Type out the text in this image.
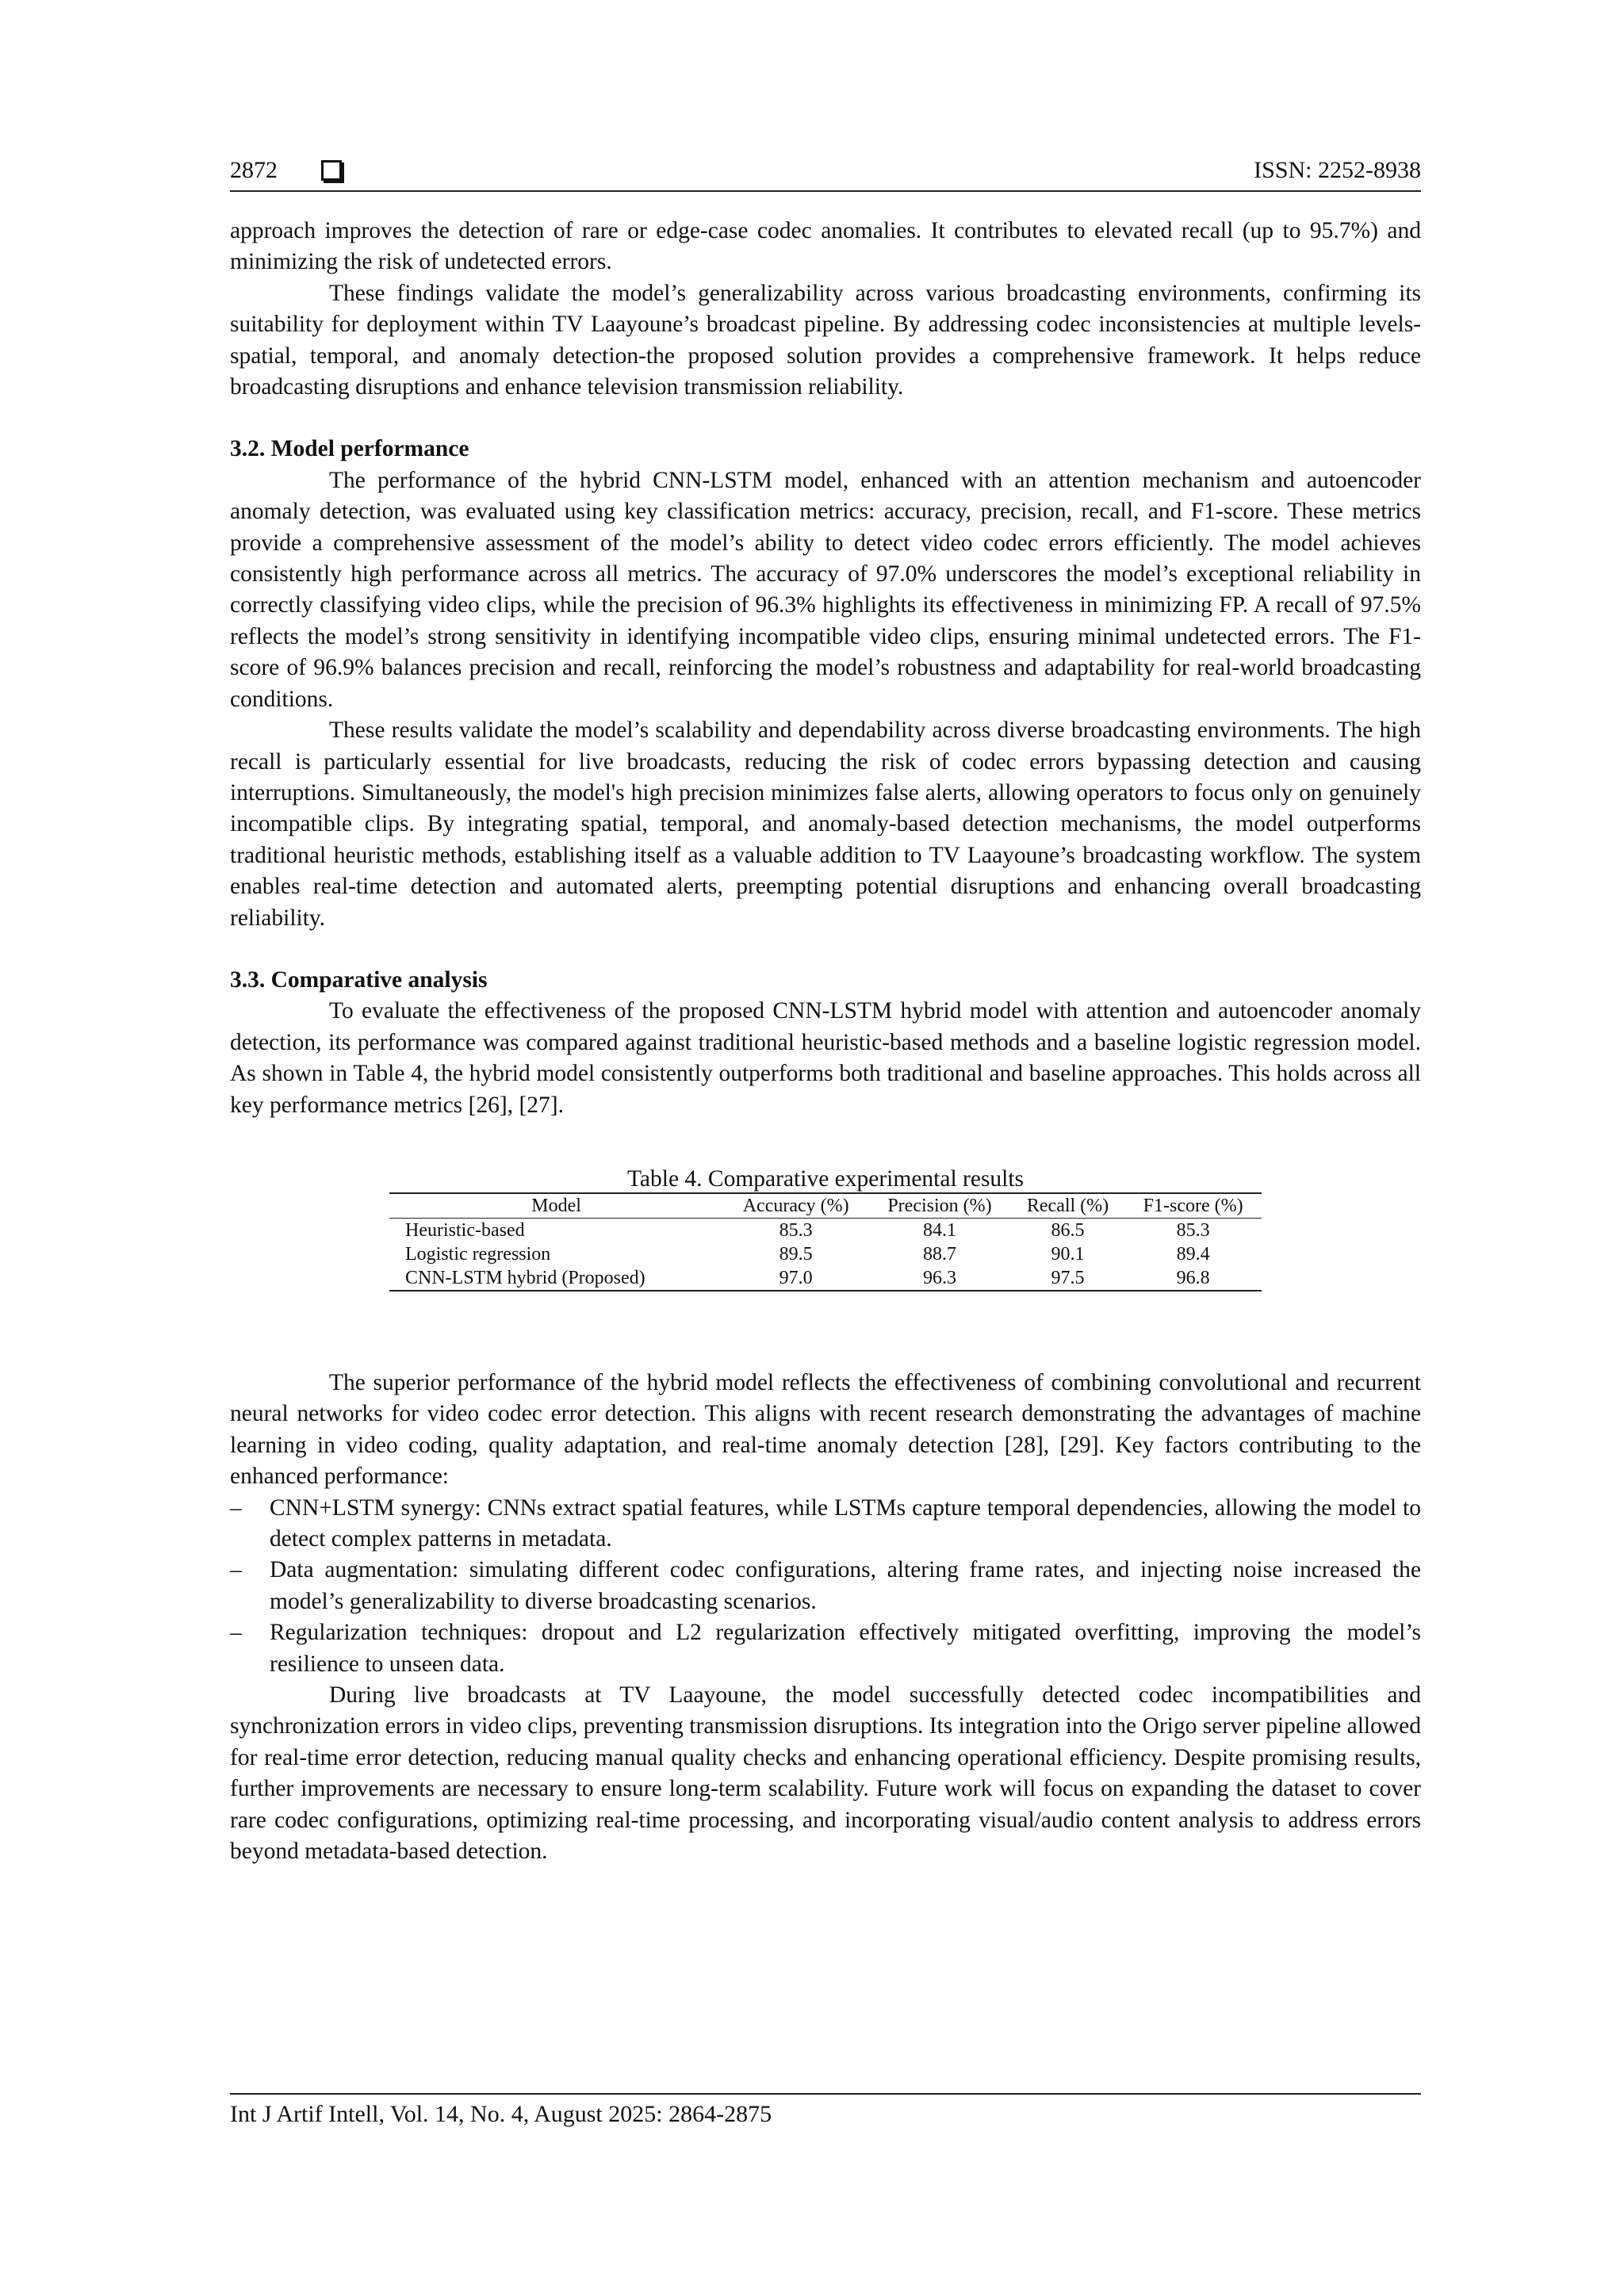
2872	ISSN: 2252-8938

approach improves the detection of rare or edge-case codec anomalies. It contributes to elevated recall (up to 95.7%) and minimizing the risk of undetected errors.

These findings validate the model’s generalizability across various broadcasting environments, confirming its suitability for deployment within TV Laayoune’s broadcast pipeline. By addressing codec inconsistencies at multiple levels-spatial, temporal, and anomaly detection-the proposed solution provides a comprehensive framework. It helps reduce broadcasting disruptions and enhance television transmission reliability.

3.2. Model performance

The performance of the hybrid CNN-LSTM model, enhanced with an attention mechanism and autoencoder anomaly detection, was evaluated using key classification metrics: accuracy, precision, recall, and F1-score. These metrics provide a comprehensive assessment of the model’s ability to detect video codec errors efficiently. The model achieves consistently high performance across all metrics. The accuracy of 97.0% underscores the model’s exceptional reliability in correctly classifying video clips, while the precision of 96.3% highlights its effectiveness in minimizing FP. A recall of 97.5% reflects the model’s strong sensitivity in identifying incompatible video clips, ensuring minimal undetected errors. The F1-score of 96.9% balances precision and recall, reinforcing the model’s robustness and adaptability for real-world broadcasting conditions.

These results validate the model’s scalability and dependability across diverse broadcasting environments. The high recall is particularly essential for live broadcasts, reducing the risk of codec errors bypassing detection and causing interruptions. Simultaneously, the model's high precision minimizes false alerts, allowing operators to focus only on genuinely incompatible clips. By integrating spatial, temporal, and anomaly-based detection mechanisms, the model outperforms traditional heuristic methods, establishing itself as a valuable addition to TV Laayoune’s broadcasting workflow. The system enables real-time detection and automated alerts, preempting potential disruptions and enhancing overall broadcasting reliability.

3.3. Comparative analysis

To evaluate the effectiveness of the proposed CNN-LSTM hybrid model with attention and autoencoder anomaly detection, its performance was compared against traditional heuristic-based methods and a baseline logistic regression model. As shown in Table 4, the hybrid model consistently outperforms both traditional and baseline approaches. This holds across all key performance metrics [26], [27].

Table 4. Comparative experimental results
Model	Accuracy (%)	Precision (%)	Recall (%)	F1-score (%)
Heuristic-based	85.3	84.1	86.5	85.3
Logistic regression	89.5	88.7	90.1	89.4
CNN-LSTM hybrid (Proposed)	97.0	96.3	97.5	96.8

The superior performance of the hybrid model reflects the effectiveness of combining convolutional and recurrent neural networks for video codec error detection. This aligns with recent research demonstrating the advantages of machine learning in video coding, quality adaptation, and real-time anomaly detection [28], [29]. Key factors contributing to the enhanced performance:

– CNN+LSTM synergy: CNNs extract spatial features, while LSTMs capture temporal dependencies, allowing the model to detect complex patterns in metadata.
– Data augmentation: simulating different codec configurations, altering frame rates, and injecting noise increased the model’s generalizability to diverse broadcasting scenarios.
– Regularization techniques: dropout and L2 regularization effectively mitigated overfitting, improving the model’s resilience to unseen data.

During live broadcasts at TV Laayoune, the model successfully detected codec incompatibilities and synchronization errors in video clips, preventing transmission disruptions. Its integration into the Origo server pipeline allowed for real-time error detection, reducing manual quality checks and enhancing operational efficiency. Despite promising results, further improvements are necessary to ensure long-term scalability. Future work will focus on expanding the dataset to cover rare codec configurations, optimizing real-time processing, and incorporating visual/audio content analysis to address errors beyond metadata-based detection.

Int J Artif Intell, Vol. 14, No. 4, August 2025: 2864-2875
